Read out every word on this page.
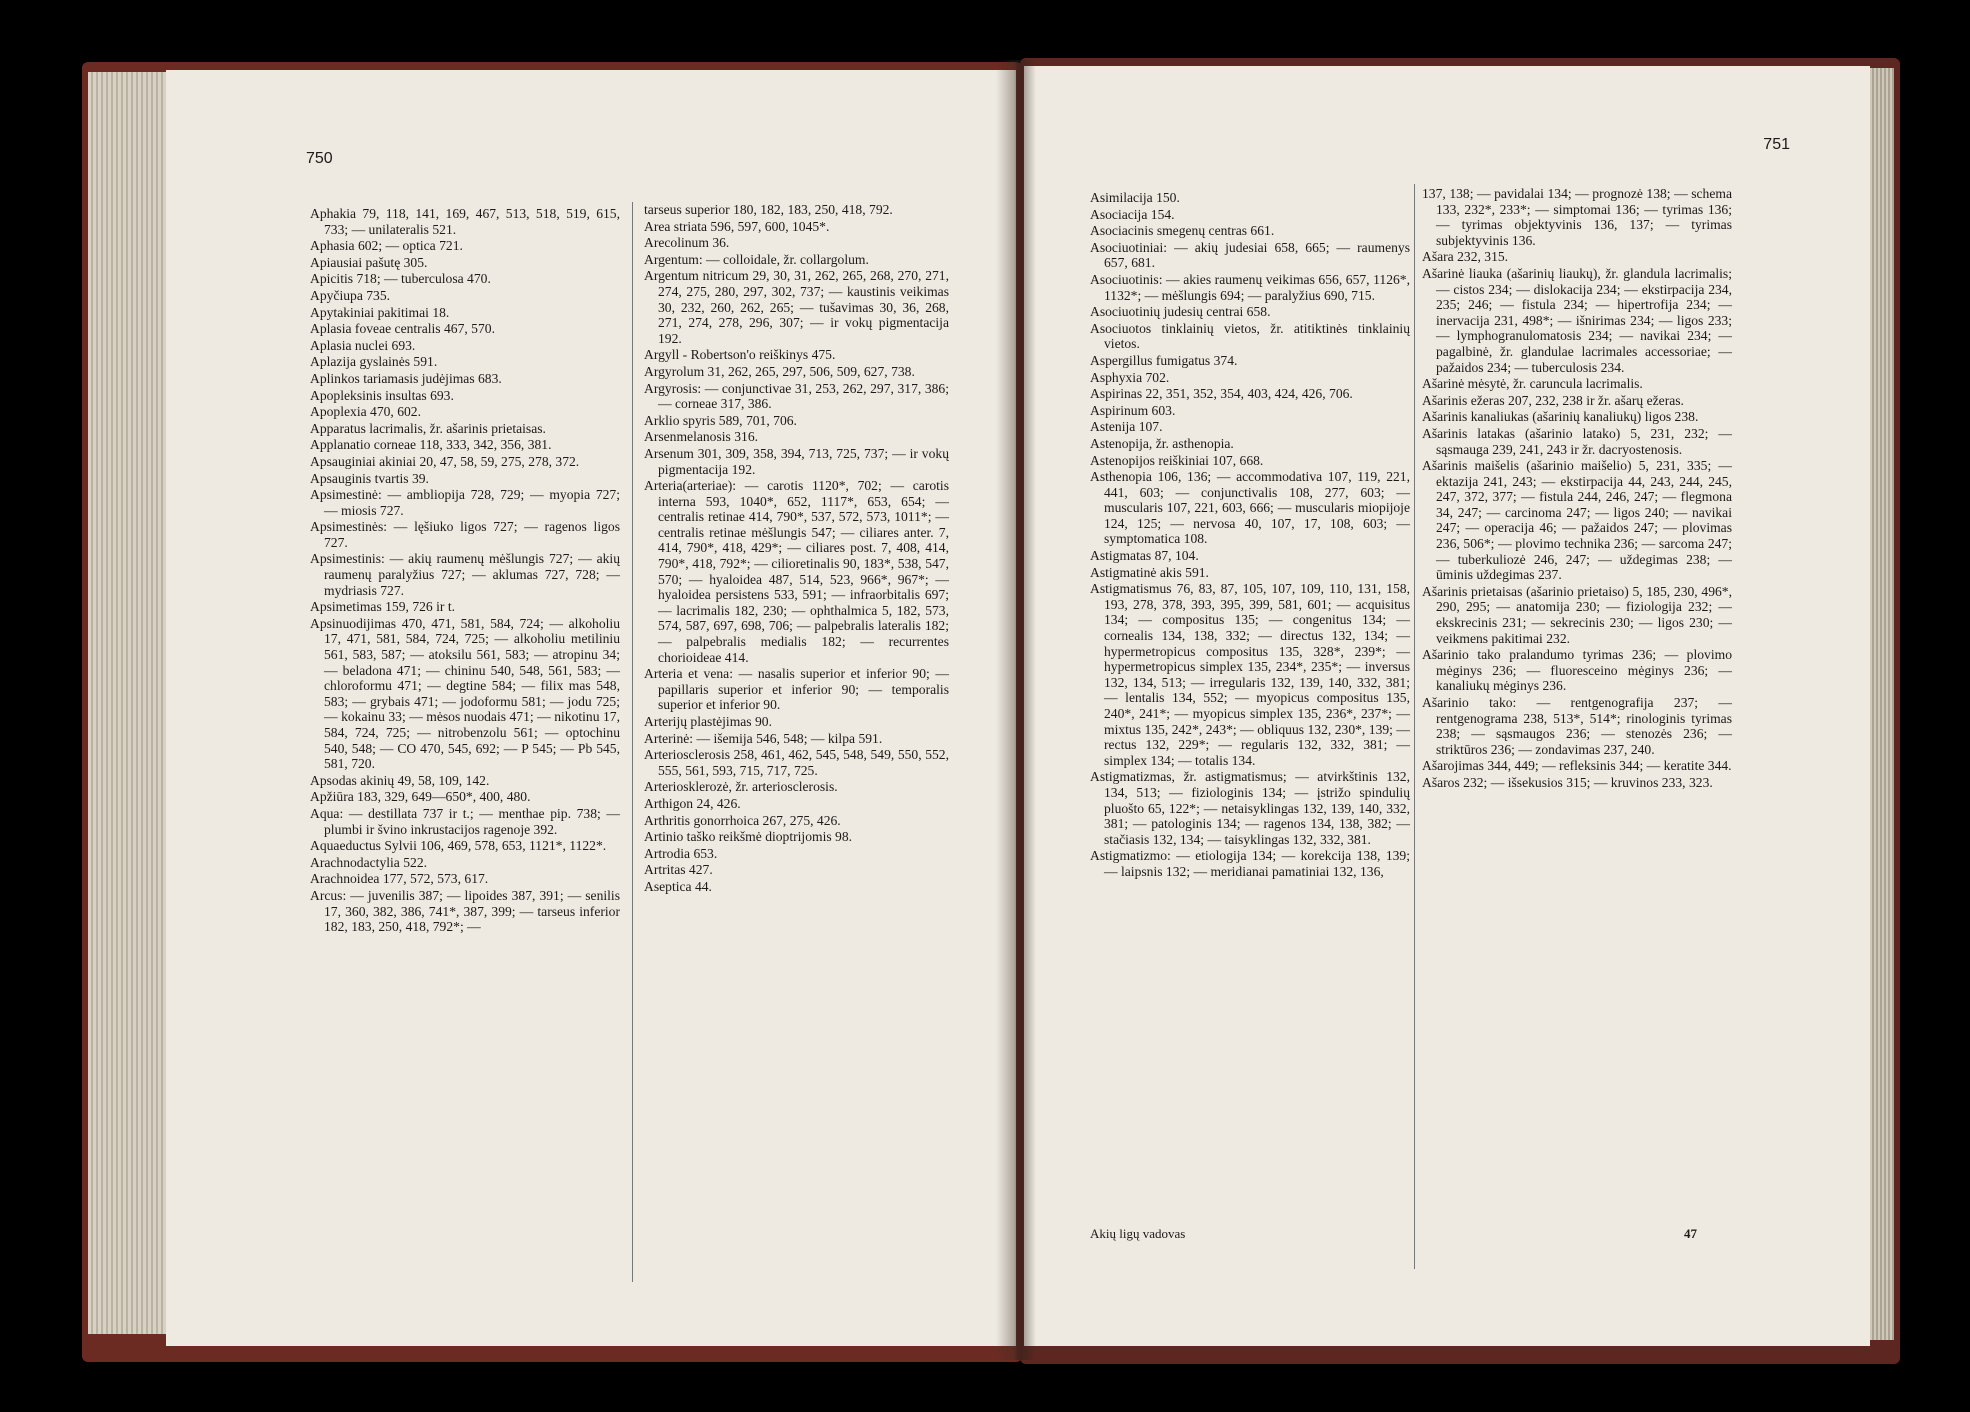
750

Aphakia 79, 118, 141, 169, 467, 513, 518, 519, 615, 733; — unilateralis 521.

Aphasia 602; — optica 721.

Apiausiai pašutę 305.

Apicitis 718; — tuberculosa 470.

Apyčiupa 735.

Apytakiniai pakitimai 18.

Aplasia foveae centralis 467, 570.

Aplasia nuclei 693.

Aplazija gyslainės 591.

Aplinkos tariamasis judėjimas 683.

Apopleksinis insultas 693.

Apoplexia 470, 602.

Apparatus lacrimalis, žr. ašarinis prietaisas.

Applanatio corneae 118, 333, 342, 356, 381.

Apsauginiai akiniai 20, 47, 58, 59, 275, 278, 372.

Apsauginis tvartis 39.

Apsimestinė: — ambliopija 728, 729; — myopia 727; — miosis 727.

Apsimestinės: — lęšiuko ligos 727; — ragenos ligos 727.

Apsimestinis: — akių raumenų mėšlungis 727; — akių raumenų paralyžius 727; — aklumas 727, 728; — mydriasis 727.

Apsimetimas 159, 726 ir t.

Apsinuodijimas 470, 471, 581, 584, 724; — alkoholiu 17, 471, 581, 584, 724, 725; — alkoholiu metiliniu 561, 583, 587; — atoksilu 561, 583; — atropinu 34; — beladona 471; — chininu 540, 548, 561, 583; — chloroformu 471; — degtine 584; — filix mas 548, 583; — grybais 471; — jodoformu 581; — jodu 725; — kokainu 33; — mėsos nuodais 471; — nikotinu 17, 584, 724, 725; — nitrobenzolu 561; — optochinu 540, 548; — CO 470, 545, 692; — P 545; — Pb 545, 581, 720.

Apsodas akinių 49, 58, 109, 142.

Apžiūra 183, 329, 649—650*, 400, 480.

Aqua: — destillata 737 ir t.; — menthae pip. 738; — plumbi ir švino inkrustacijos ragenoje 392.

Aquaeductus Sylvii 106, 469, 578, 653, 1121*, 1122*.

Arachnodactylia 522.

Arachnoidea 177, 572, 573, 617.

Arcus: — juvenilis 387; — lipoides 387, 391; — senilis 17, 360, 382, 386, 741*, 387, 399; — tarseus inferior 182, 183, 250, 418, 792*; —

tarseus superior 180, 182, 183, 250, 418, 792.

Area striata 596, 597, 600, 1045*.

Arecolinum 36.

Argentum: — colloidale, žr. collargolum.

Argentum nitricum 29, 30, 31, 262, 265, 268, 270, 271, 274, 275, 280, 297, 302, 737; — kaustinis veikimas 30, 232, 260, 262, 265; — tušavimas 30, 36, 268, 271, 274, 278, 296, 307; — ir vokų pigmentacija 192.

Argyll - Robertson'o reiškinys 475.

Argyrolum 31, 262, 265, 297, 506, 509, 627, 738.

Argyrosis: — conjunctivae 31, 253, 262, 297, 317, 386; — corneae 317, 386.

Arklio spyris 589, 701, 706.

Arsenmelanosis 316.

Arsenum 301, 309, 358, 394, 713, 725, 737; — ir vokų pigmentacija 192.

Arteria(arteriae): — carotis 1120*, 702; — carotis interna 593, 1040*, 652, 1117*, 653, 654; — centralis retinae 414, 790*, 537, 572, 573, 1011*; — centralis retinae mėšlungis 547; — ciliares anter. 7, 414, 790*, 418, 429*; — ciliares post. 7, 408, 414, 790*, 418, 792*; — cilioretinalis 90, 183*, 538, 547, 570; — hyaloidea 487, 514, 523, 966*, 967*; — hyaloidea persistens 533, 591; — infraorbitalis 697; — lacrimalis 182, 230; — ophthalmica 5, 182, 573, 574, 587, 697, 698, 706; — palpebralis lateralis 182; — palpebralis medialis 182; — recurrentes chorioideae 414.

Arteria et vena: — nasalis superior et inferior 90; — papillaris superior et inferior 90; — temporalis superior et inferior 90.

Arterijų plastėjimas 90.

Arterinė: — išemija 546, 548; — kilpa 591.

Arteriosclerosis 258, 461, 462, 545, 548, 549, 550, 552, 555, 561, 593, 715, 717, 725.

Arteriosklerozė, žr. arteriosclerosis.

Arthigon 24, 426.

Arthritis gonorrhoica 267, 275, 426.

Artinio taško reikšmė dioptrijomis 98.

Artrodia 653.

Artritas 427.

Aseptica 44.

751

Asimilacija 150.

Asociacija 154.

Asociacinis smegenų centras 661.

Asociuotiniai: — akių judesiai 658, 665; — raumenys 657, 681.

Asociuotinis: — akies raumenų veikimas 656, 657, 1126*, 1132*; — mėšlungis 694; — paralyžius 690, 715.

Asociuotinių judesių centrai 658.

Asociuotos tinklainių vietos, žr. atitiktinės tinklainių vietos.

Aspergillus fumigatus 374.

Asphyxia 702.

Aspirinas 22, 351, 352, 354, 403, 424, 426, 706.

Aspirinum 603.

Astenija 107.

Astenopija, žr. asthenopia.

Astenopijos reiškiniai 107, 668.

Asthenopia 106, 136; — accommodativa 107, 119, 221, 441, 603; — conjunctivalis 108, 277, 603; — muscularis 107, 221, 603, 666; — muscularis miopijoje 124, 125; — nervosa 40, 107, 17, 108, 603; — symptomatica 108.

Astigmatas 87, 104.

Astigmatinė akis 591.

Astigmatismus 76, 83, 87, 105, 107, 109, 110, 131, 158, 193, 278, 378, 393, 395, 399, 581, 601; — acquisitus 134; — compositus 135; — congenitus 134; — cornealis 134, 138, 332; — directus 132, 134; — hypermetropicus compositus 135, 328*, 239*; — hypermetropicus simplex 135, 234*, 235*; — inversus 132, 134, 513; — irregularis 132, 139, 140, 332, 381; — lentalis 134, 552; — myopicus compositus 135, 240*, 241*; — myopicus simplex 135, 236*, 237*; — mixtus 135, 242*, 243*; — obliquus 132, 230*, 139; — rectus 132, 229*; — regularis 132, 332, 381; — simplex 134; — totalis 134.

Astigmatizmas, žr. astigmatismus; — atvirkštinis 132, 134, 513; — fiziologinis 134; — įstrižo spindulių pluošto 65, 122*; — netaisyklingas 132, 139, 140, 332, 381; — patologinis 134; — ragenos 134, 138, 382; — stačiasis 132, 134; — taisyklingas 132, 332, 381.

Astigmatizmo: — etiologija 134; — korekcija 138, 139; — laipsnis 132; — meridianai pamatiniai 132, 136,

137, 138; — pavidalai 134; — prognozė 138; — schema 133, 232*, 233*; — simptomai 136; — tyrimas 136; — tyrimas objektyvinis 136, 137; — tyrimas subjektyvinis 136.

Ašara 232, 315.

Ašarinė liauka (ašarinių liaukų), žr. glandula lacrimalis; — cistos 234; — dislokacija 234; — ekstirpacija 234, 235; 246; — fistula 234; — hipertrofija 234; — inervacija 231, 498*; — išnirimas 234; — ligos 233; — lymphogranulomatosis 234; — navikai 234; — pagalbinė, žr. glandulae lacrimales accessoriae; — pažaidos 234; — tuberculosis 234.

Ašarinė mėsytė, žr. caruncula lacrimalis.

Ašarinis ežeras 207, 232, 238 ir žr. ašarų ežeras.

Ašarinis kanaliukas (ašarinių kanaliukų) ligos 238.

Ašarinis latakas (ašarinio latako) 5, 231, 232; — sąsmauga 239, 241, 243 ir žr. dacryostenosis.

Ašarinis maišelis (ašarinio maišelio) 5, 231, 335; — ektazija 241, 243; — ekstirpacija 44, 243, 244, 245, 247, 372, 377; — fistula 244, 246, 247; — flegmona 34, 247; — carcinoma 247; — ligos 240; — navikai 247; — operacija 46; — pažaidos 247; — plovimas 236, 506*; — plovimo technika 236; — sarcoma 247; — tuberkuliozė 246, 247; — uždegimas 238; — ūminis uždegimas 237.

Ašarinis prietaisas (ašarinio prietaiso) 5, 185, 230, 496*, 290, 295; — anatomija 230; — fiziologija 232; — ekskrecinis 231; — sekrecinis 230; — ligos 230; — veikmens pakitimai 232.

Ašarinio tako pralandumo tyrimas 236; — plovimo mėginys 236; — fluoresceino mėginys 236; — kanaliukų mėginys 236.

Ašarinio tako: — rentgenografija 237; — rentgenograma 238, 513*, 514*; rinologinis tyrimas 238; — sąsmaugos 236; — stenozės 236; — striktūros 236; — zondavimas 237, 240.

Ašarojimas 344, 449; — refleksinis 344; — keratite 344.

Ašaros 232; — išsekusios 315; — kruvinos 233, 323.

Akių ligų vadovas	47
